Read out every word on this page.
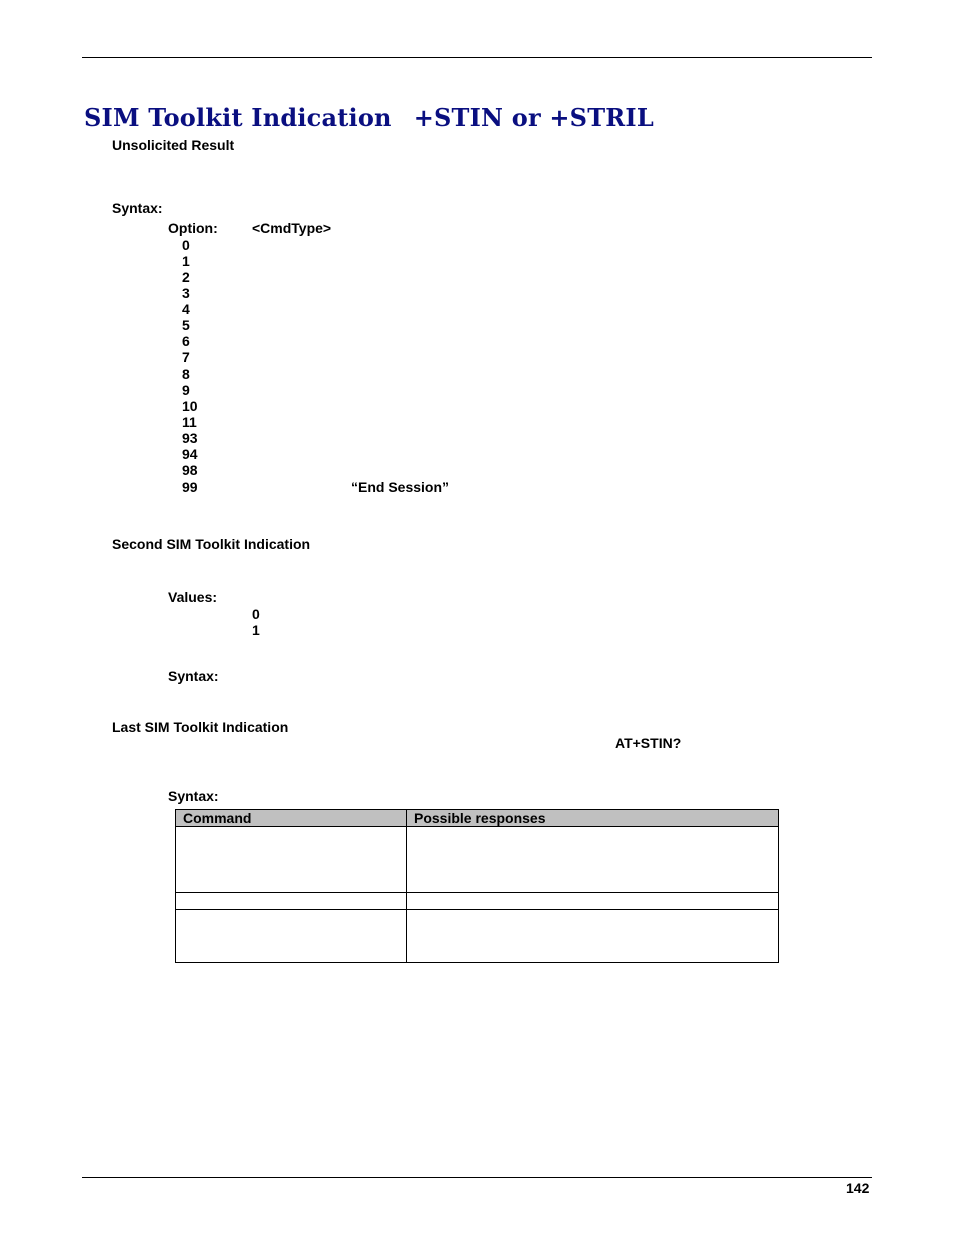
SIM Toolkit Indication +STIN or +STRIL
Unsolicited Result
Syntax:
Option: <CmdType>
0
1
2
3
4
5
6
7
8
9
10
11
93
94
98
99	“End Session”
Second SIM Toolkit Indication
Values:
0
1
Syntax:
Last SIM Toolkit Indication
AT+STIN?
Syntax:
Command	Possible responses

142
